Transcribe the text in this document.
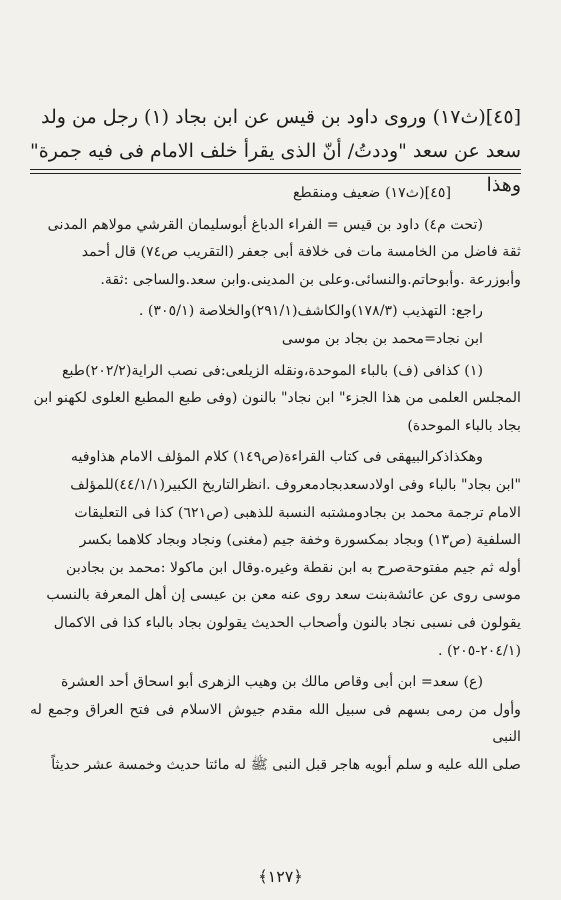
[٤٥](ث١٧) وروى داود بن قيس عن ابن بجاد (١) رجل من ولد
سعد عن سعد "وددتُ/ أنّ الذى يقرأ خلف الامام فى فيه جمرة" وهذا

[٤٥](ث١٧) ضعيف ومنقطع

(تحت م٤) داود بن قيس = الفراء الدباغ أبوسليمان القرشي مولاهم المدنى

ثقة فاضل من الخامسة مات فى خلافة أبى جعفر (التقريب ص٧٤) قال أحمد

وأبوزرعة .وأبوحاتم.والنسائى.وعلى بن المدينى.وابن سعد.والساجى :ثقة.

راجع: التهذيب (١٧٨/٣)والكاشف(٢٩١/١)والخلاصة (٣٠٥/١) .

ابن نجاد=محمد بن بجاد بن موسى

(١) كذافى (ف) بالباء الموحدة،ونقله الزيلعى:فى نصب الراية(٢٠٢/٢)طبع

المجلس العلمى من هذا الجزء" ابن نجاد" بالنون (وفى طبع المطبع العلوى لكهنو ابن

بجاد بالباء الموحدة)

وهكذاذكرالبيهقى فى كتاب القراءة(ص١٤٩) كلام المؤلف الامام هذاوفيه

"ابن بجاد" بالباء وفى اولادسعدبجادمعروف .انظرالتاريخ الكبير(٤٤/١/١)للمؤلف

الامام ترجمة محمد بن بجادومشتبه النسبة للذهبى (ص٦٢١) كذا فى التعليقات

السلفية (ص١٣) وبجاد بمكسورة وخفة جيم (مغنى) ونجاد وبجاد كلاهما بكسر

أوله ثم جيم مفتوحةصرح به ابن نقطة وغيره.وقال ابن ماكولا :محمد بن بجادبن

موسى روى عن عائشةبنت سعد روى عنه معن بن عيسى إن أهل المعرفة بالنسب

يقولون فى نسبى نجاد بالنون وأصحاب الحديث يقولون بجاد بالباء كذا فى الاكمال

(٢٠٤/١-٢٠٥) .

(ع) سعد= ابن أبى وقاص مالك بن وهيب الزهرى أبو اسحاق أحد العشرة

وأول من رمى بسهم فى سبيل الله مقدم جيوش الاسلام فى فتح العراق وجمع له النبى

صلى الله عليه و سلم أبويه هاجر قبل النبى ﷺ له مائتا حديث وخمسة عشر حديثاً

﴿١٢٧﴾
